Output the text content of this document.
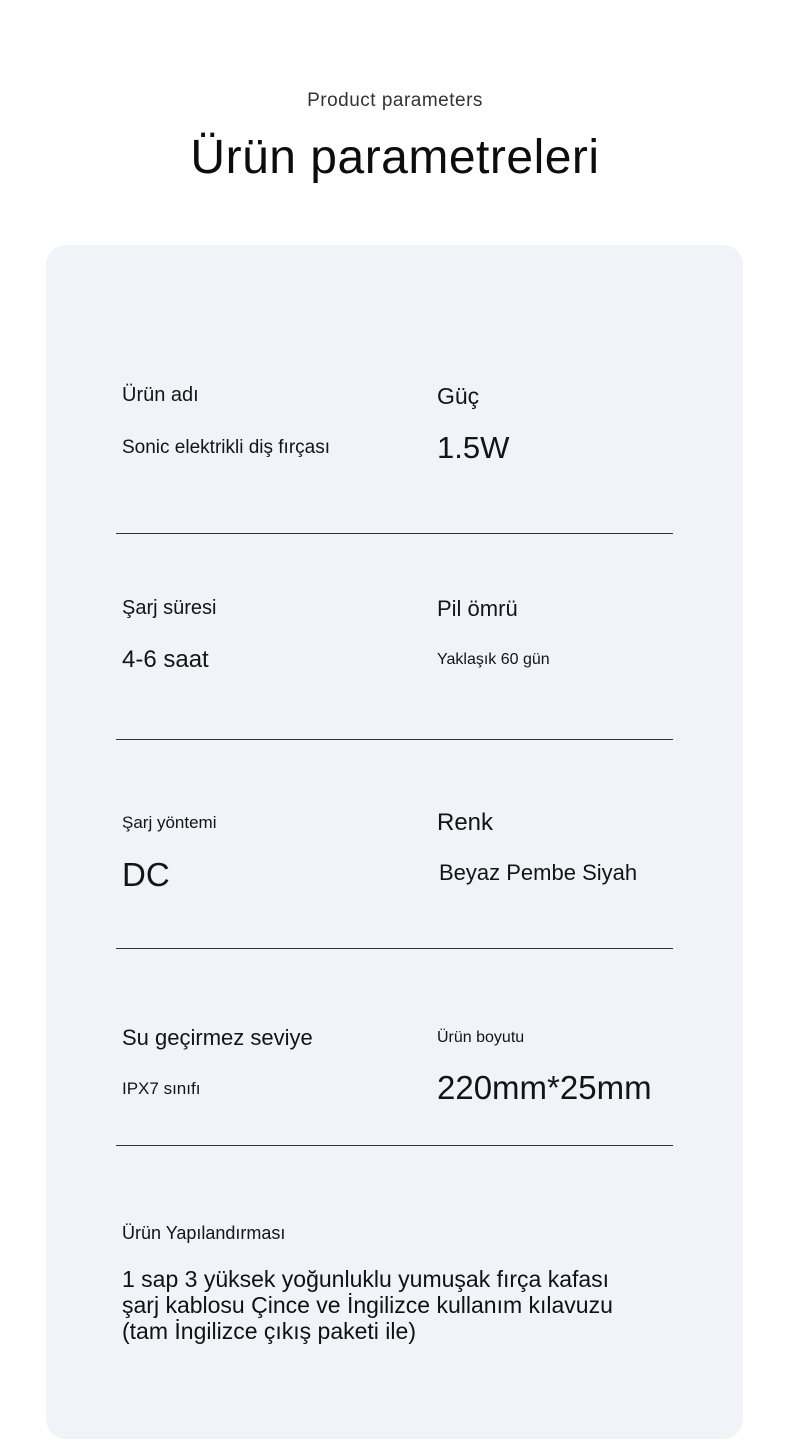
Product parameters
Ürün parametreleri
Ürün adı
Sonic elektrikli diş fırçası
Güç
1.5W
Şarj süresi
4-6 saat
Pil ömrü
Yaklaşık 60 gün
Şarj yöntemi
DC
Renk
Beyaz Pembe Siyah
Su geçirmez seviye
IPX7 sınıfı
Ürün boyutu
220mm*25mm
Ürün Yapılandırması
1 sap 3 yüksek yoğunluklu yumuşak fırça kafası şarj kablosu Çince ve İngilizce kullanım kılavuzu (tam İngilizce çıkış paketi ile)
